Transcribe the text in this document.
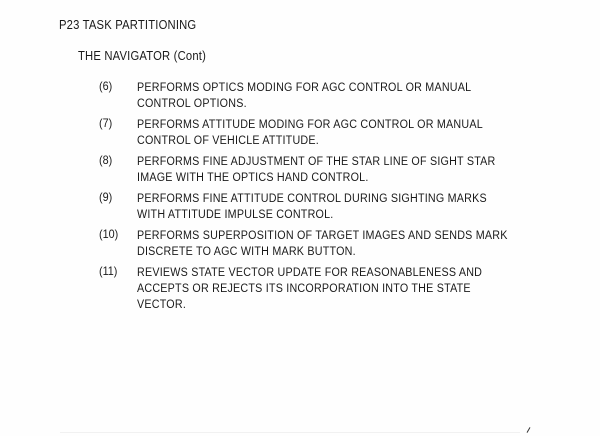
P23 TASK PARTITIONING
THE NAVIGATOR (Cont)
(6) PERFORMS OPTICS MODING FOR AGC CONTROL OR MANUAL
CONTROL OPTIONS.
(7) PERFORMS ATTITUDE MODING FOR AGC CONTROL OR MANUAL
CONTROL OF VEHICLE ATTITUDE.
(8) PERFORMS FINE ADJUSTMENT OF THE STAR LINE OF SIGHT STAR
IMAGE WITH THE OPTICS HAND CONTROL.
(9) PERFORMS FINE ATTITUDE CONTROL DURING SIGHTING MARKS
WITH ATTITUDE IMPULSE CONTROL.
(10) PERFORMS SUPERPOSITION OF TARGET IMAGES AND SENDS MARK
DISCRETE TO AGC WITH MARK BUTTON.
(11) REVIEWS STATE VECTOR UPDATE FOR REASONABLENESS AND
ACCEPTS OR REJECTS ITS INCORPORATION INTO THE STATE
VECTOR.
